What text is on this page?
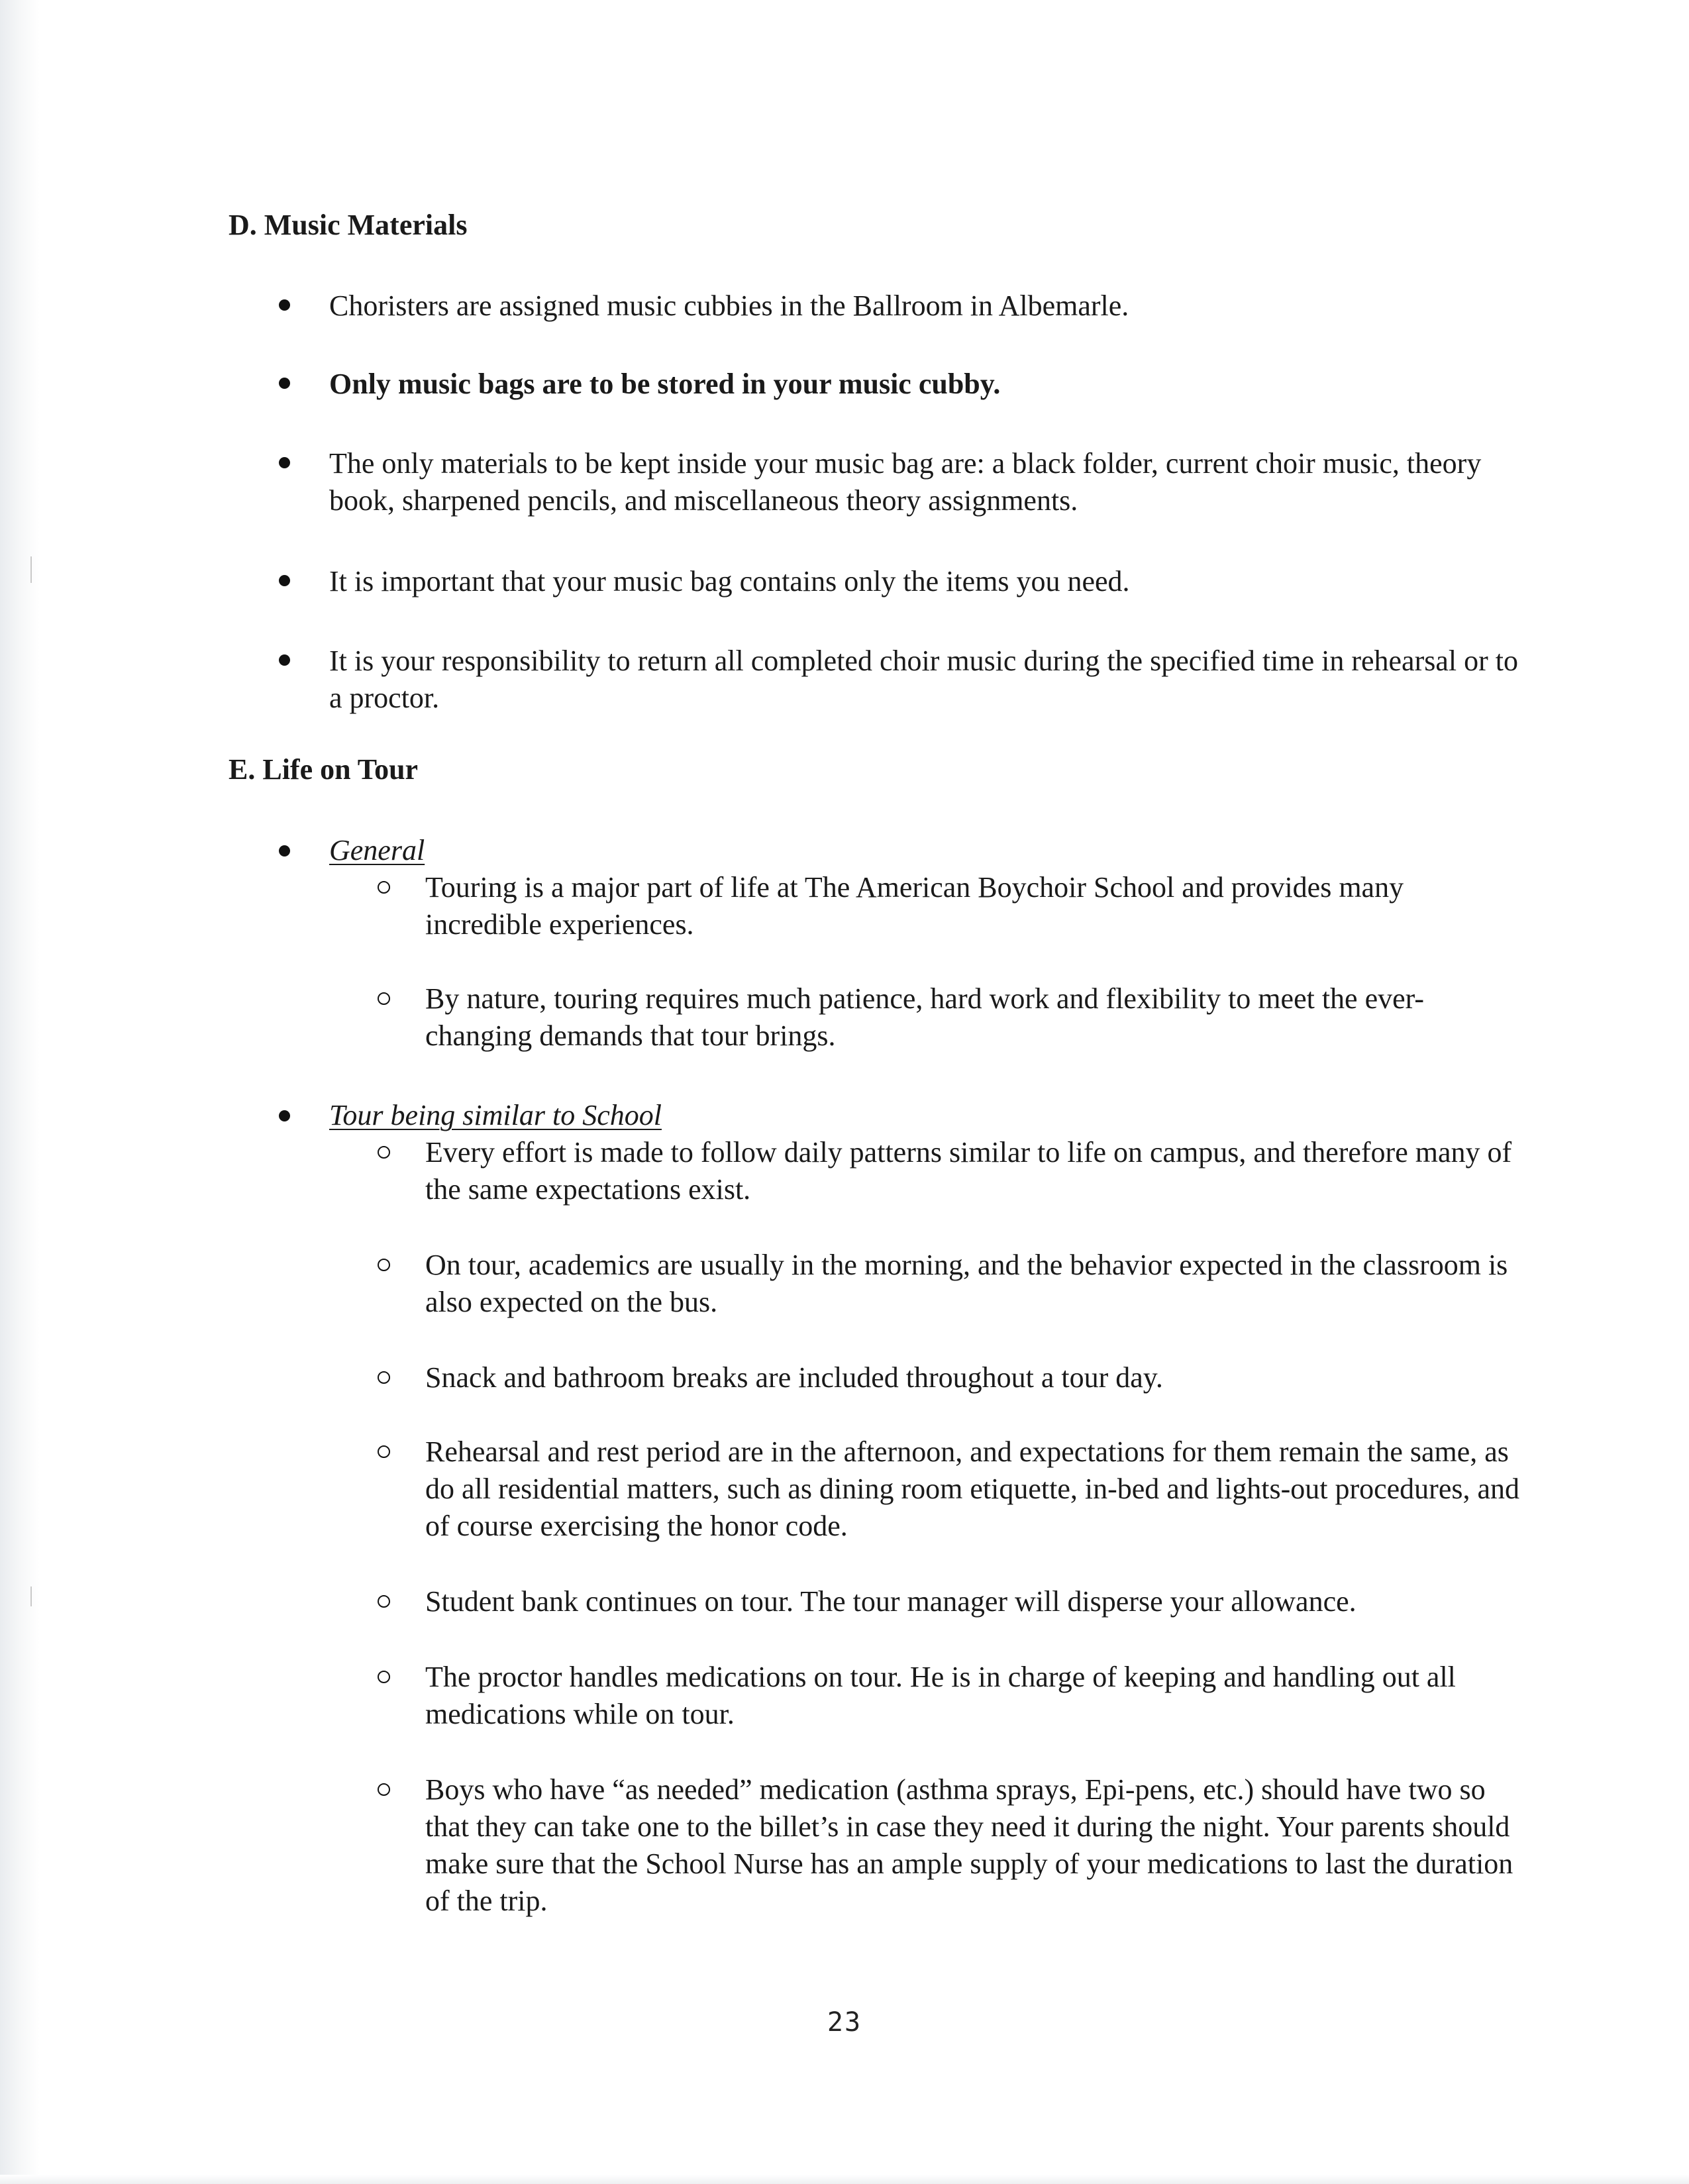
D. Music Materials
Choristers are assigned music cubbies in the Ballroom in Albemarle.
Only music bags are to be stored in your music cubby.
The only materials to be kept inside your music bag are: a black folder, current choir music, theory book, sharpened pencils, and miscellaneous theory assignments.
It is important that your music bag contains only the items you need.
It is your responsibility to return all completed choir music during the specified time in rehearsal or to a proctor.
E. Life on Tour
General
Touring is a major part of life at The American Boychoir School and provides many incredible experiences.
By nature, touring requires much patience, hard work and flexibility to meet the ever-changing demands that tour brings.
Tour being similar to School
Every effort is made to follow daily patterns similar to life on campus, and therefore many of the same expectations exist.
On tour, academics are usually in the morning, and the behavior expected in the classroom is also expected on the bus.
Snack and bathroom breaks are included throughout a tour day.
Rehearsal and rest period are in the afternoon, and expectations for them remain the same, as do all residential matters, such as dining room etiquette, in-bed and lights-out procedures, and of course exercising the honor code.
Student bank continues on tour. The tour manager will disperse your allowance.
The proctor handles medications on tour. He is in charge of keeping and handling out all medications while on tour.
Boys who have “as needed” medication (asthma sprays, Epi-pens, etc.) should have two so that they can take one to the billet’s in case they need it during the night. Your parents should make sure that the School Nurse has an ample supply of your medications to last the duration of the trip.
23
